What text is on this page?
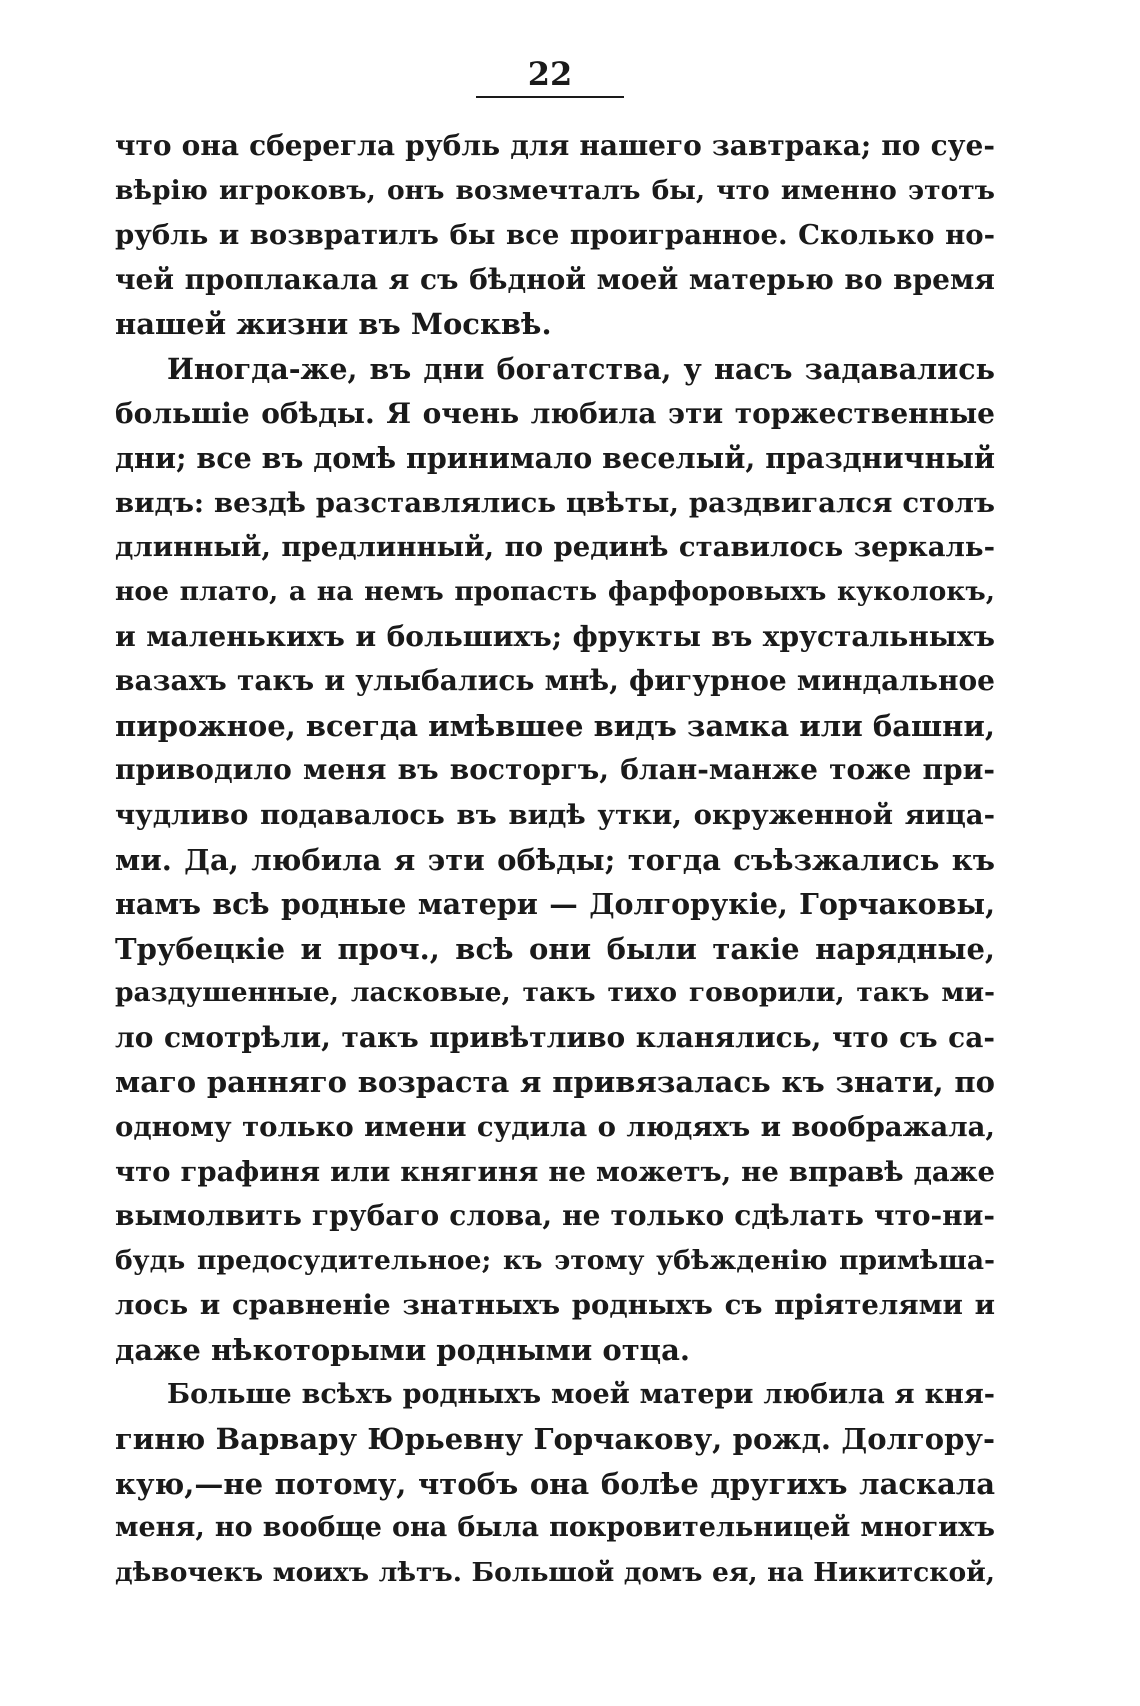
22
что она сберегла рубль для нашего завтрака; по суе-
вѣрію игроковъ, онъ возмечталъ бы, что именно этотъ
рубль и возвратилъ бы все проигранное. Сколько но-
чей проплакала я съ бѣдной моей матерью во время
нашей жизни въ Москвѣ.
Иногда-же, въ дни богатства, у насъ задавались
большіе обѣды. Я очень любила эти торжественные
дни; все въ домѣ принимало веселый, праздничный
видъ: вездѣ разставлялись цвѣты, раздвигался столъ
длинный, предлинный, по рединѣ ставилось зеркаль-
ное плато, а на немъ пропасть фарфоровыхъ куколокъ,
и маленькихъ и большихъ; фрукты въ хрустальныхъ
вазахъ такъ и улыбались мнѣ, фигурное миндальное
пирожное, всегда имѣвшее видъ замка или башни,
приводило меня въ восторгъ, блан-манже тоже при-
чудливо подавалось въ видѣ утки, окруженной яица-
ми. Да, любила я эти обѣды; тогда съѣзжались къ
намъ всѣ родные матери — Долгорукіе, Горчаковы,
Трубецкіе и проч., всѣ они были такіе нарядные,
раздушенные, ласковые, такъ тихо говорили, такъ ми-
ло смотрѣли, такъ привѣтливо кланялись, что съ са-
маго ранняго возраста я привязалась къ знати, по
одному только имени судила о людяхъ и воображала,
что графиня или княгиня не можетъ, не вправѣ даже
вымолвить грубаго слова, не только сдѣлать что-ни-
будь предосудительное; къ этому убѣжденію примѣша-
лось и сравненіе знатныхъ родныхъ съ пріятелями и
даже нѣкоторыми родными отца.
Больше всѣхъ родныхъ моей матери любила я кня-
гиню Варвару Юрьевну Горчакову, рожд. Долгору-
кую,—не потому, чтобъ она болѣе другихъ ласкала
меня, но вообще она была покровительницей многихъ
дѣвочекъ моихъ лѣтъ. Большой домъ ея, на Никитской,
